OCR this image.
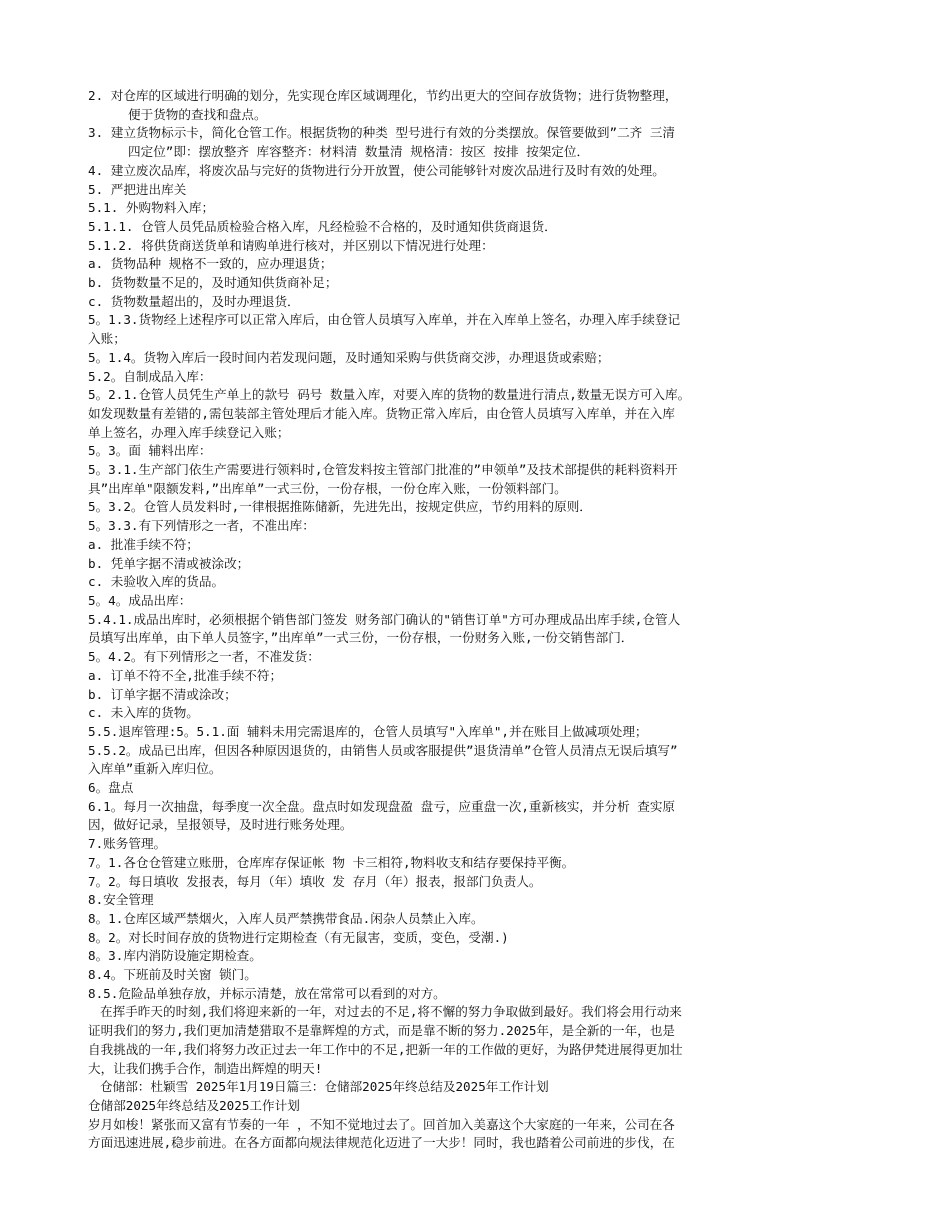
2. 对仓库的区域进行明确的划分，先实现仓库区域调理化，节约出更大的空间存放货物；进行货物整理，
便于货物的查找和盘点。
3. 建立货物标示卡，简化仓管工作。根据货物的种类 型号进行有效的分类摆放。保管要做到”二齐 三清
四定位”即：摆放整齐 库容整齐：材料清 数量清 规格清：按区 按排 按架定位．
4. 建立废次品库，将废次品与完好的货物进行分开放置，使公司能够针对废次品进行及时有效的处理。
5. 严把进出库关
5.1. 外购物料入库；
5.1.1. 仓管人员凭品质检验合格入库，凡经检验不合格的，及时通知供货商退货．
5.1.2. 将供货商送货单和请购单进行核对，并区别以下情况进行处理：
a. 货物品种 规格不一致的，应办理退货；
b. 货物数量不足的，及时通知供货商补足；
c. 货物数量超出的，及时办理退货．
5。1.3.货物经上述程序可以正常入库后，由仓管人员填写入库单，并在入库单上签名，办理入库手续登记
入账；
5。1.4。货物入库后一段时间内若发现问题，及时通知采购与供货商交涉，办理退货或索赔；
5.2。自制成品入库：
5。2.1.仓管人员凭生产单上的款号 码号 数量入库，对要入库的货物的数量进行清点,数量无误方可入库。
如发现数量有差错的,需包装部主管处理后才能入库。货物正常入库后，由仓管人员填写入库单，并在入库
单上签名，办理入库手续登记入账；
5。3。面 辅料出库：
5。3.1.生产部门依生产需要进行领料时,仓管发料按主管部门批准的”申领单”及技术部提供的耗料资料开
具”出库单"限额发料,”出库单”一式三份，一份存根，一份仓库入账，一份领料部门。
5。3.2。仓管人员发料时,一律根据推陈储新，先进先出，按规定供应，节约用料的原则．
5。3.3.有下列情形之一者，不准出库：
a. 批准手续不符；
b. 凭单字据不清或被涂改；
c. 未验收入库的货品。
5。4。成品出库：
5.4.1.成品出库时，必须根据个销售部门签发 财务部门确认的"销售订单"方可办理成品出库手续,仓管人
员填写出库单，由下单人员签字，”出库单”一式三份，一份存根，一份财务入账,一份交销售部门．
5。4.2。有下列情形之一者，不准发货：
a. 订单不符不全,批准手续不符；
b. 订单字据不清或涂改；
c. 未入库的货物。
5.5.退库管理:5。5.1.面 辅料未用完需退库的，仓管人员填写"入库单",并在账目上做减项处理；
5.5.2。成品已出库，但因各种原因退货的，由销售人员或客服提供”退货清单”仓管人员清点无误后填写”
入库单”重新入库归位。
6。盘点
6.1。每月一次抽盘，每季度一次全盘。盘点时如发现盘盈 盘亏，应重盘一次,重新核实，并分析 查实原
因，做好记录，呈报领导，及时进行账务处理。
7.账务管理。
7。1.各仓仓管建立账册，仓库库存保证帐 物 卡三相符,物料收支和结存要保持平衡。
7。2。每日填收 发报表，每月（年）填收 发 存月（年）报表，报部门负责人。
8.安全管理
8。1.仓库区域严禁烟火，入库人员严禁携带食品.闲杂人员禁止入库。
8。2。对长时间存放的货物进行定期检查（有无鼠害，变质，变色，受潮.)
8。3.库内消防设施定期检查。
8.4。下班前及时关窗 锁门。
8.5.危险品单独存放，并标示清楚，放在常常可以看到的对方。
在挥手昨天的时刻,我们将迎来新的一年，对过去的不足,将不懈的努力争取做到最好。我们将会用行动来
证明我们的努力,我们更加清楚猎取不是靠辉煌的方式，而是靠不断的努力.2025年，是全新的一年，也是
自我挑战的一年,我们将努力改正过去一年工作中的不足,把新一年的工作做的更好，为路伊梵进展得更加壮
大，让我们携手合作，制造出辉煌的明天!
仓储部：杜颖雪 2025年1月19日篇三：仓储部2025年终总结及2025年工作计划
仓储部2025年终总结及2025工作计划
岁月如梭！紧张而又富有节奏的一年 ，不知不觉地过去了。回首加入美嘉这个大家庭的一年来，公司在各
方面迅速进展,稳步前进。在各方面都向规法律规范化迈进了一大步！同时，我也踏着公司前进的步伐，在
